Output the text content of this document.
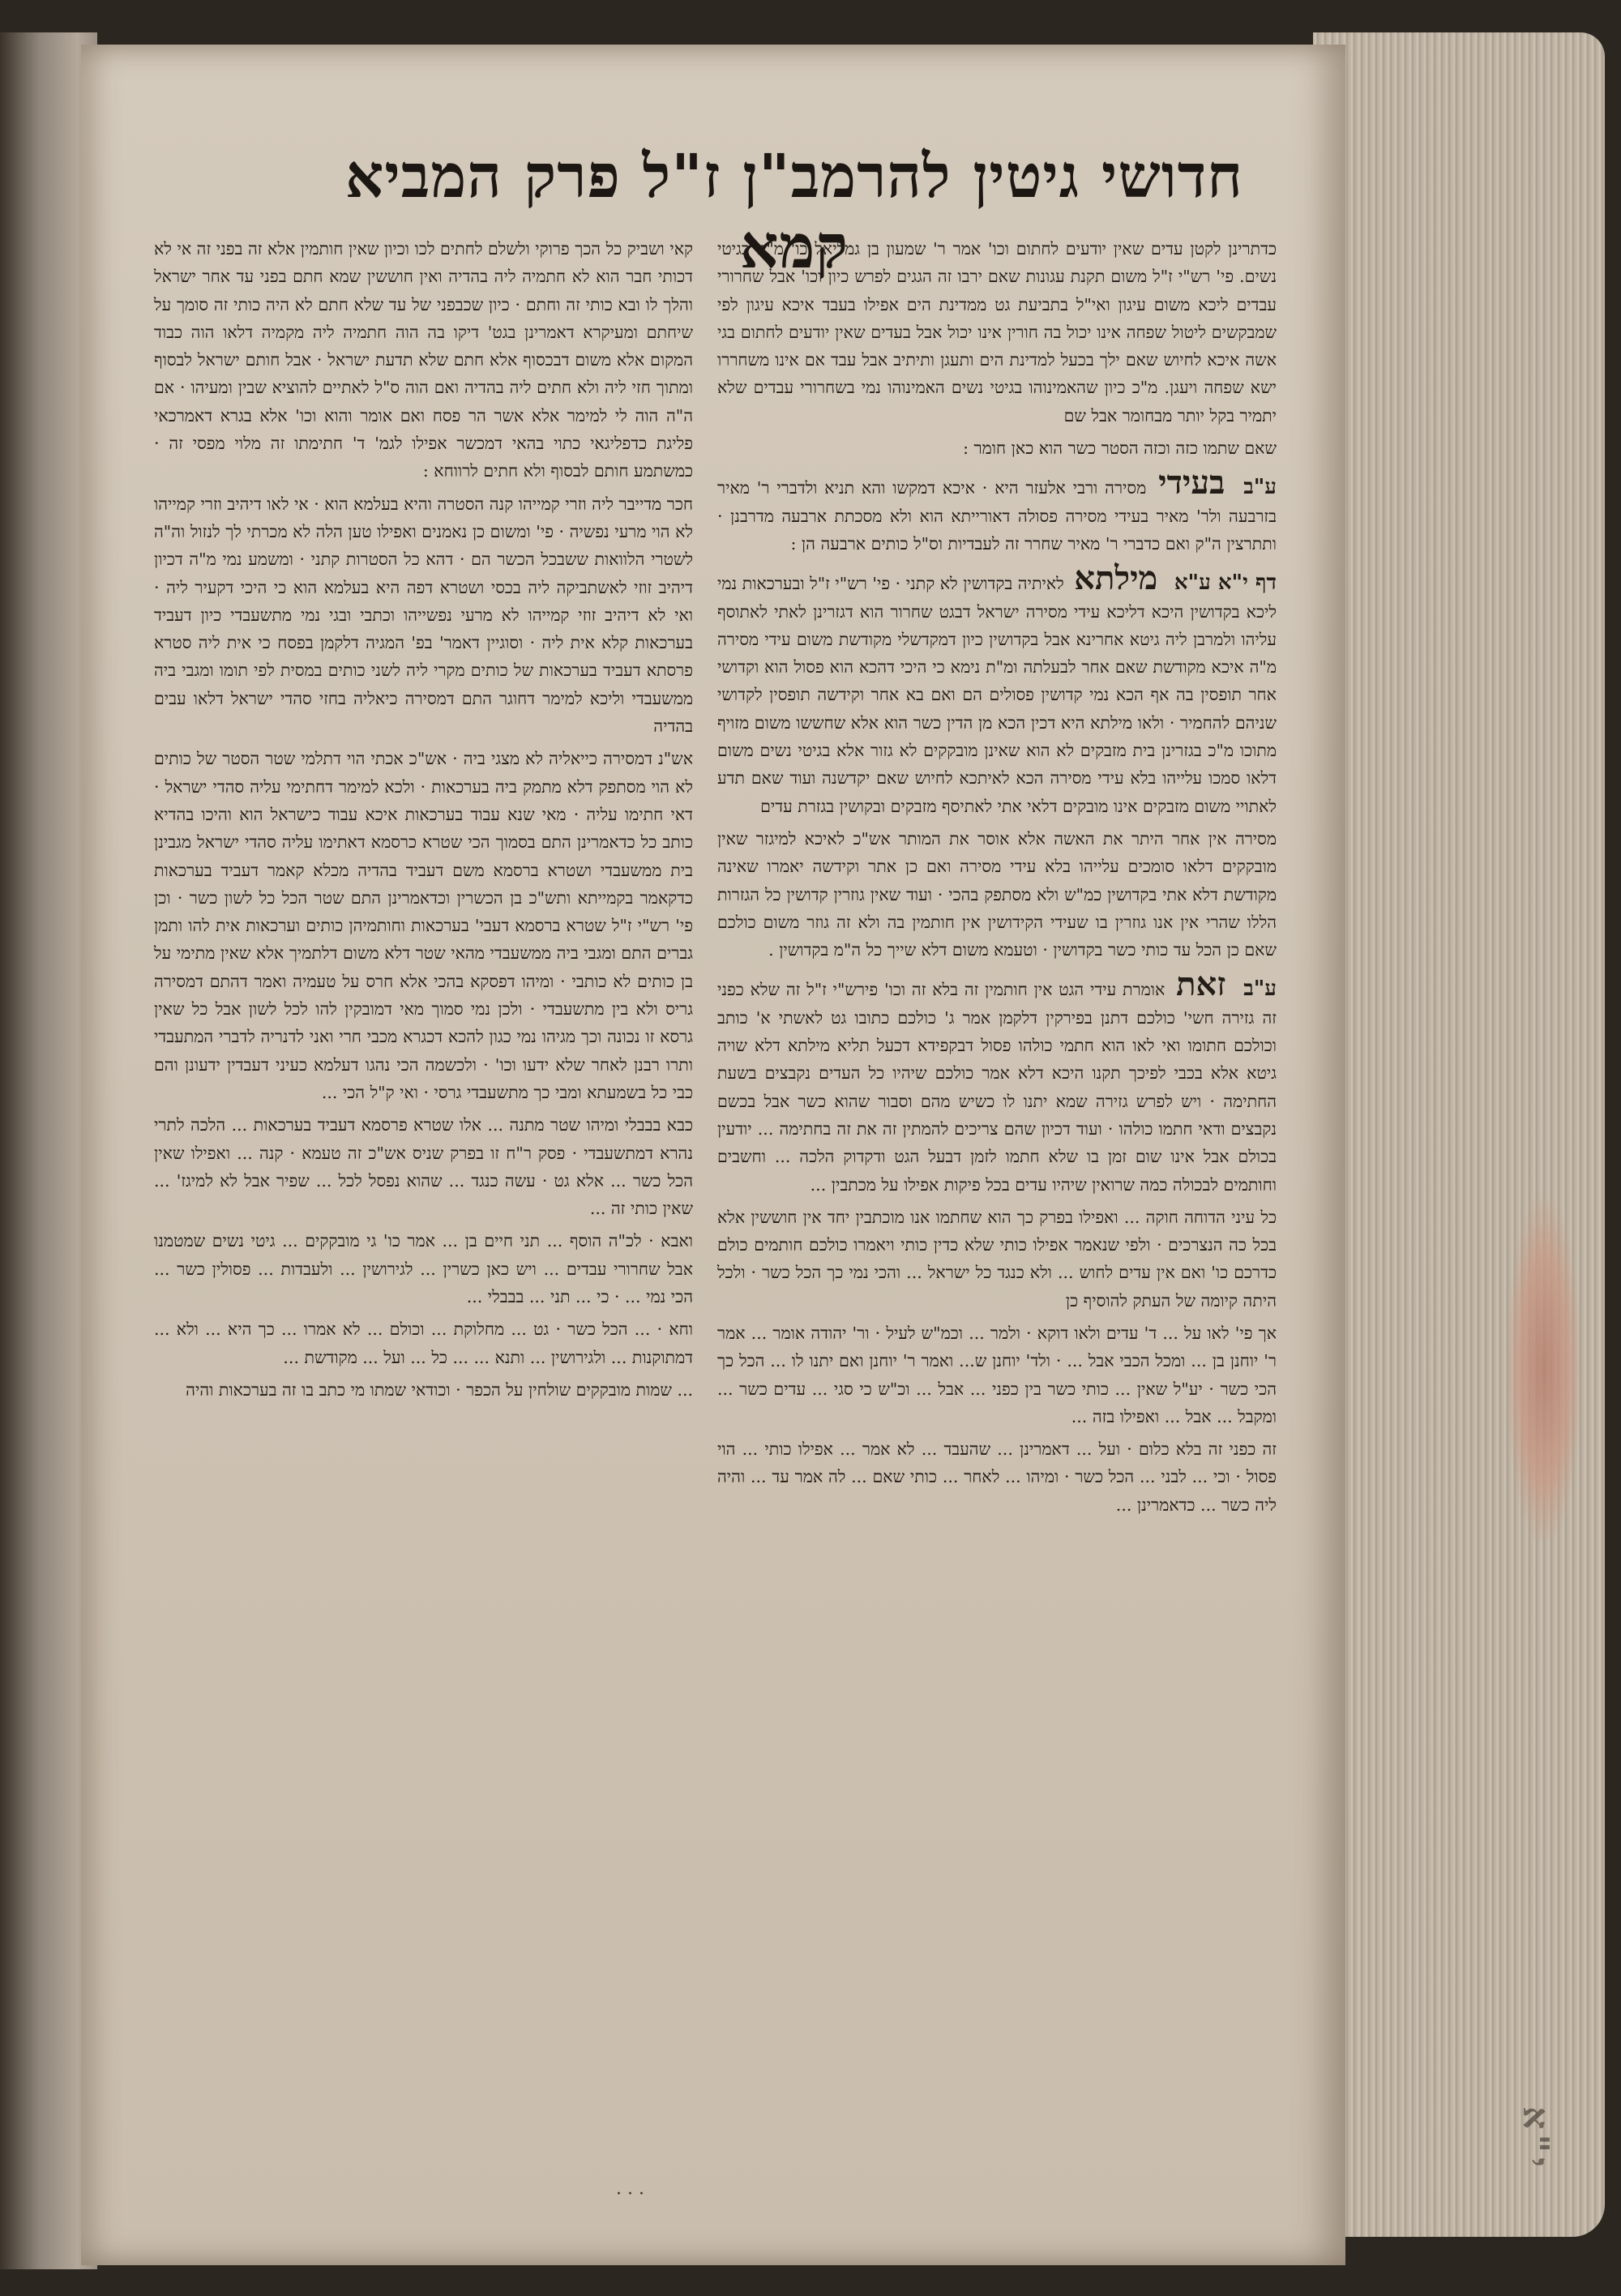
חדושי גיטין להרמב"ן ז"ל פרק המביא קמא

כדתרינן לקטן עדים שאין יודעים לחתום וכו' אמר ר' שמעון בן גמליאל כו' מ"ה בגיטי נשים. פי' רש"י ז"ל משום תקנת עגונות שאם ירבו זה הגגים לפרש כיון וכו' אבל שחרורי עבדים ליכא משום עיגון ואי"ל בתביעת גט ממדינת הים אפילו בעבד איכא עיגון לפי שמבקשים ליטול שפחה אינו יכול בה חורין אינו יכול אבל בעדים שאין יודעים לחתום בגי אשה איכא לחיוש שאם ילך בכעל למדינת הים ותעגן ותיתיב אבל עבד אם אינו משחררו ישא שפחה ויעגן. מ"כ כיון שהאמינוהו בגיטי נשים האמינוהו נמי בשחרורי עבדים שלא יתמיר בקל יותר מבחומר אבל שם

שאם שתמו כזה וכזה הסטר כשר הוא כאן חומר :

ע"ב בעידי מסירה ורבי אלעזר היא · איכא דמקשו והא תניא ולדברי ר' מאיר בזרבעה ולר' מאיר בעידי מסירה פסולה דאורייתא הוא ולא מסכתת ארבעה מדרבנן · ותתרצין ה"ק ואם כדברי ר' מאיר שחרר זה לעבדיות וס"ל כותים ארבעה הן :

דף י"א ע"א מילתא לאיתיה בקדושין לא קתני · פי' רש"י ז"ל ובערכאות נמי ליכא בקדושין היכא דליכא עידי מסירה ישראל דבגט שחרור הוא דגזרינן לאתי לאתוסף עליהו ולמרבן ליה גיטא אחרינא אבל בקדושין כיון דמקדשלי מקודשת משום עידי מסירה מ"ה איכא מקודשת שאם אחר לבעלתה ומ"ת נימא כי היכי דהכא הוא פסול הוא וקדושי אחר תופסין בה אף הכא נמי קדושין פסולים הם ואם בא אחר וקידשה תופסין לקדושי שניהם להחמיר · ולאו מילתא היא דכין הכא מן הדין כשר הוא אלא שחששו משום מזויף מתוכו מ"כ בגזרינן בית מזבקים לא הוא שאינן מובקקים לא גזור אלא בגיטי נשים משום דלאו סמכו עלייהו בלא עידי מסירה הכא לאיתכא לחיוש שאם יקדשנה ועוד שאם תדע לאתויי משום מזבקים אינו מובקים דלאי אתי לאתיסף מזבקים ובקושין בגזרת עדים

מסירה אין אחר היתר את האשה אלא אוסר את המותר אש"כ לאיכא למיגזר שאין מובקקים דלאו סומכים עלייהו בלא עידי מסירה ואם כן אתר וקידשה יאמרו שאינה מקודשת דלא אתי בקדושין כמ"ש ולא מסתפק בהכי · ועוד שאין גוזרין קדושין כל הגזרות הללו שהרי אין אנו גוזרין בו שעידי הקידושין אין חותמין בה ולא זה גוזר משום כולכם שאם כן הכל עד כותי כשר בקדושין · וטעמא משום דלא שייך כל ה"מ בקדושין .

ע"ב זאת אומרת עידי הגט אין חותמין זה בלא זה וכו' פירש"י ז"ל זה שלא כפני זה גזירה חשי' כולכם דתנן בפירקין דלקמן אמר ג' כולכם כתובו גט לאשתי א' כותב וכולכם חתומו ואי לאו הוא חתמי כולהו פסול דבקפידא דכעל תליא מילתא דלא שויה גיטא אלא בכבי לפיכך תקנו היכא דלא אמר כולכם שיהיו כל העדים נקבצים בשעת החתימה · ויש לפרש גזירה שמא יתנו לו כשיש מהם וסבור שהוא כשר אבל בכשם נקבצים ודאי חתמו כולהו · ועוד דכיון שהם צריכים להמתין זה את זה בחתימה ... יודעין בכולם אבל אינו שום זמן בו שלא חתמו לזמן דבעל הגט ודקדוק הלכה ... וחשבים וחותמים לבכולה כמה שרואין שיהיו עדים בכל פיקות אפילו על מכתבין ...

כל עיני הדוחה חוקה ... ואפילו בפרק כך הוא שחתמו אנו מוכתבין יחד אין חוששין אלא בכל כה הנצרכים · ולפי שנאמר אפילו כותי שלא כדין כותי ויאמרו כולכם חותמים כולם כדרכם כו' ואם אין עדים לחוש ... ולא כנגד כל ישראל ... והכי נמי כך הכל כשר · ולכל היתה קיומה של העתק להוסיף כן

אך פי' לאו על ... ד' עדים ולאו דוקא · ולמר ... וכמ"ש לעיל · ור' יהודה אומר ... אמר ר' יוחנן בן ... ומכל הכבי אבל ... · ולד' יוחנן ש... ואמר ר' יוחנן ואם יתנו לו ... הכל כך הכי כשר · יע"ל שאין ... כותי כשר בין כפני ... אבל ... וכ"ש כי סגי ... עדים כשר ... ומקבל ... אבל ... ואפילו בזה ...

זה כפני זה בלא כלום · ועל ... דאמרינן ... שהעבד ... לא אמר ... אפילו כותי ... הוי פסול · וכי ... לבני ... הכל כשר · ומיהו ... לאחר ... כותי שאם ... לה אמר עד ... והיה ליה כשר ... כדאמרינן ...

קאי ושביק כל הכך פרוקי ולשלם לחתים לכו וכיון שאין חותמין אלא זה בפני זה אי לא דכותי חבר הוא לא חתמיה ליה בהדיה ואין חוששין שמא חתם בפני עד אחר ישראל והלך לו ובא כותי זה וחתם · כיון שכבפני של עד שלא חתם לא היה כותי זה סומך על שיחתם ומעיקרא דאמרינן בגט' דיקו בה הוה חתמיה ליה מקמיה דלאו הוה כבוד המקום אלא משום דבכסוף אלא חתם שלא תדעת ישראל · אבל חותם ישראל לבסוף ומתוך חזי ליה ולא חתים ליה בהדיה ואם הוה ס"ל לאתיים להוציא שבין ומעיהו · אם ה"ה הוה לי למימר אלא אשר הר פסח ואם אומר והוא וכו' אלא בגרא דאמרכאי פליגת כדפליגאי כתוי בהאי דמכשר אפילו לגמ' ד' חתימתו זה מלוי מפסי זה · כמשתמע חותם לבסוף ולא חתים לרווחא :

חכר מדייבר ליה וזרי קמייהו קנה הסטרה והיא בעלמא הוא · אי לאו דיהיב וזרי קמייהו לא הוי מרעי נפשיה · פי' ומשום כן נאמנים ואפילו טען הלה לא מכרתי לך לנזול וה"ה לשטרי הלוואות ששבכל הכשר הם · דהא כל הסטרות קתני · ומשמע נמי מ"ה דכיון דיהיב זוזי לאשתביקה ליה בכסי ושטרא דפה היא בעלמא הוא כי היכי דקעיר ליה · ואי לא דיהיב זוזי קמייהו לא מרעי נפשייהו וכתבי ובגי נמי מתשעבדי כיון דעביד בערכאות קלא אית ליה · וסוגיין דאמר' בפ' המגיה דלקמן בפסח כי אית ליה סטרא פרסתא דעביד בערכאות של כותים מקרי ליה לשני כותים במסית לפי תומו ומגבי ביה ממשעבדי וליכא למימר דחוגר התם דמסירה כיאליה בחזי סהדי ישראל דלאו עבים בהדיה

אש"נ דמסירה כייאליה לא מצגי ביה · אש"כ אכתי הוי דתלמי שטר הסטר של כותים לא הוי מסתפק דלא מתמק ביה בערכאות · ולכא למימר דחתימי עליה סהדי ישראל · דאי חתימו עליה · מאי שנא עבוד בערכאות איכא עבוד כישראל הוא והיכו בהדיא כותב כל כדאמרינן התם בסמוך הכי שטרא כרסמא דאתימו עליה סהדי ישראל מגבינן בית ממשעבדי ושטרא ברסמא משם דעביד בהדיה מכלא קאמר דעביד בערכאות כדקאמר בקמייתא ותש"כ בן הכשרין וכדאמרינן התם שטר הכל כל לשון כשר · וכן פי' רש"י ז"ל שטרא ברסמא דעבי' בערכאות וחותמיהן כותים וערכאות אית להו ותמן גברים התם ומגבי ביה ממשעבדי מהאי שטר דלא משום דלתמיך אלא שאין מתימי על בן כותים לא כותבי · ומיהו דפסקא בהכי אלא חרס על טעמיה ואמר דהתם דמסירה גריס ולא בין מתשעבדי · ולכן נמי סמוך מאי דמובקין להו לכל לשון אבל כל שאין גרסא זו נכונה וכך מגיהו נמי כגון להכא דכגרא מכבי חרי ואני לדנריה לדברי המתעבדי ותרו רבנן לאחר שלא ידעו וכו' · ולכשמה הכי נהגו דעלמא כעיני דעבדין ידעונן והם כבי כל בשמעתא ומבי כך מתשעבדי גרסי · ואי ק"ל הכי ...

כבא בבבלי ומיהו שטר מתנה ... אלו שטרא פרסמא דעביד בערכאות ... הלכה לתרי נהרא דמתשעבדי · פסק ר"ח זו בפרק שניס אש"כ זה טעמא · קנה ... ואפילו שאין הכל כשר ... אלא גט · עשה כנגד ... שהוא נפסל לכל ... שפיר אבל לא למיגז' ... שאין כותי זה ...

ואבא · לכ"ה הוסף ... תני חיים בן ... אמר כו' גי מובקקים ... גיטי נשים שמטמנו אבל שחרורי עבדים ... ויש כאן כשרין ... לגירושין ... ולעבדות ... פסולין כשר ... הכי נמי ... · כי ... תני ... בבבלי ...

וחא · ... הכל כשר · גט ... מחלוקת ... וכולם ... לא אמרו ... כך היא ... ולא ... דמתוקנות ... ולגירושין ... ותנא ... ... כל ... ועל ... מקודשת ...

... שמות מובקקים שולחין על הכפר · וכודאי שמתו מי כתב בו זה בערכאות והיה

· · ·
י"א
